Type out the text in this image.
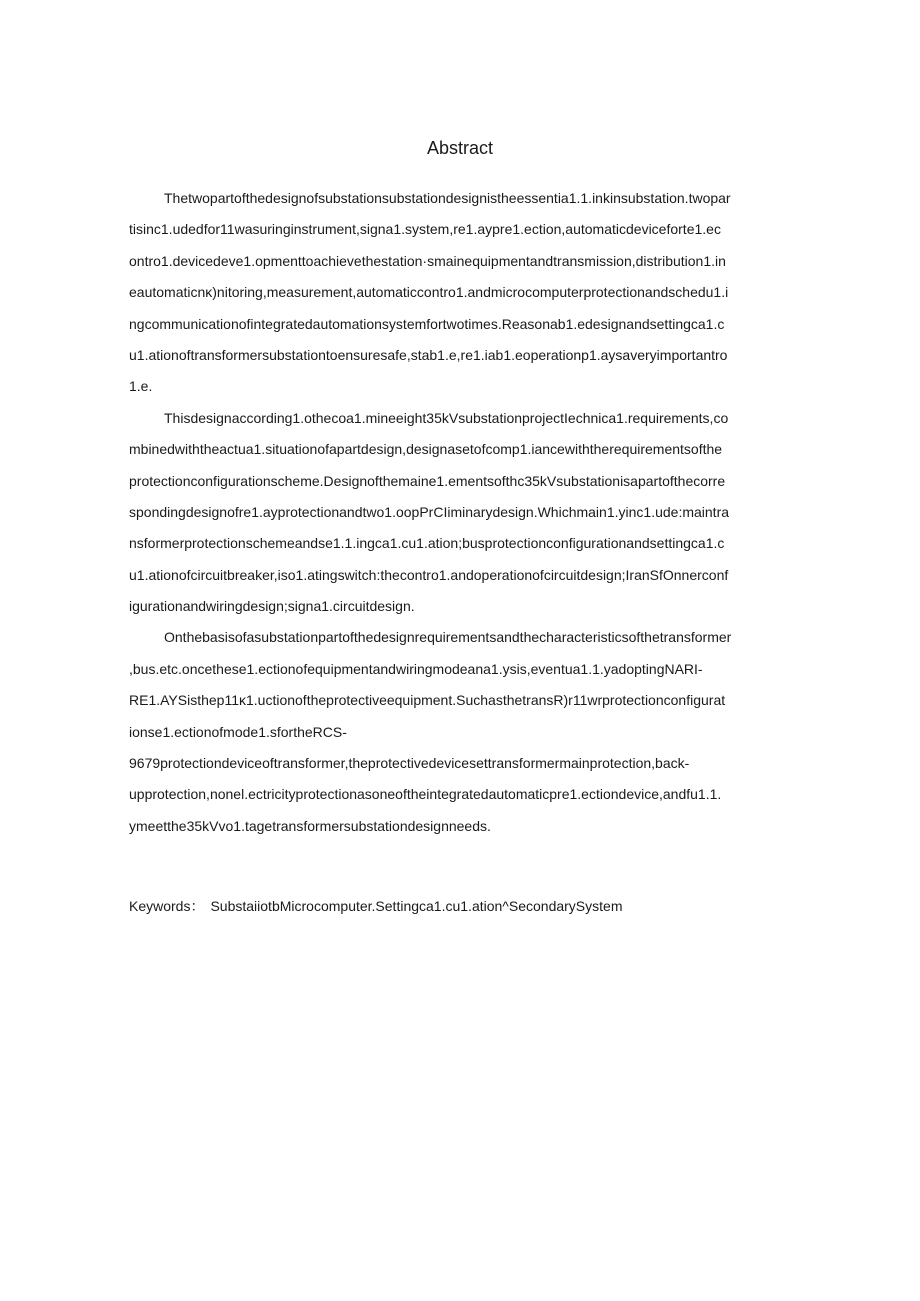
Abstract
Thetwopartofthedesignofsubstationsubstationdesignistheessentia1.1.inkinsubstation.twopar
tisinc1.udedfor11wasuringinstrument,signa1.system,re1.aypre1.ection,automaticdeviceforte1.ec
ontro1.devicedeve1.opmenttoachievethestation·smainequipmentandtransmission,distribution1.in
eautomaticnĸ)nitoring,measurement,automaticcontro1.andmicrocomputerprotectionandschedu1.i
ngcommunicationofintegratedautomationsystemfortwotimes.Reasonab1.edesignandsettingca1.c
u1.ationoftransformersubstationtoensuresafe,stab1.e,re1.iab1.eoperationp1.aysaveryimportantro
1.e.
Thisdesignaccording1.othecoa1.mineeight35kVsubstationprojectIechnica1.requirements,co
mbinedwiththeactua1.situationofapartdesign,designasetofcomp1.iancewiththerequirementsofthe
protectionconfigurationscheme.Designofthemaine1.ementsofthc35kVsubstationisapartofthecorre
spondingdesignofre1.ayprotectionandtwo1.oopPrCIiminarydesign.Whichmain1.yinc1.ude:maintra
nsformerprotectionschemeandse1.1.ingca1.cu1.ation;busprotectionconfigurationandsettingca1.c
u1.ationofcircuitbreaker,iso1.atingswitch:thecontro1.andoperationofcircuitdesign;IranSfOnnerconf
igurationandwiringdesign;signa1.circuitdesign.
Onthebasisofasubstationpartofthedesignrequirementsandthecharacteristicsofthetransformer
,bus.etc.oncethese1.ectionofequipmentandwiringmodeana1.ysis,eventua1.1.yadoptingNARI-
RE1.AYSisthep11ĸ1.uctionoftheprotectiveequipment.SuchasthetransR)r11wrprotectionconfigurat
ionse1.ectionofmode1.sfortheRCS-
9679protectiondeviceoftransformer,theprotectivedevicesettransformermainprotection,back-
upprotection,nonel.ectricityprotectionasoneoftheintegratedautomaticpre1.ectiondevice,andfu1.1.
ymeetthe35kVvo1.tagetransformersubstationdesignneeds.
Keywords： SubstaiiotbMicrocomputer.Settingca1.cu1.ation^SecondarySystem
